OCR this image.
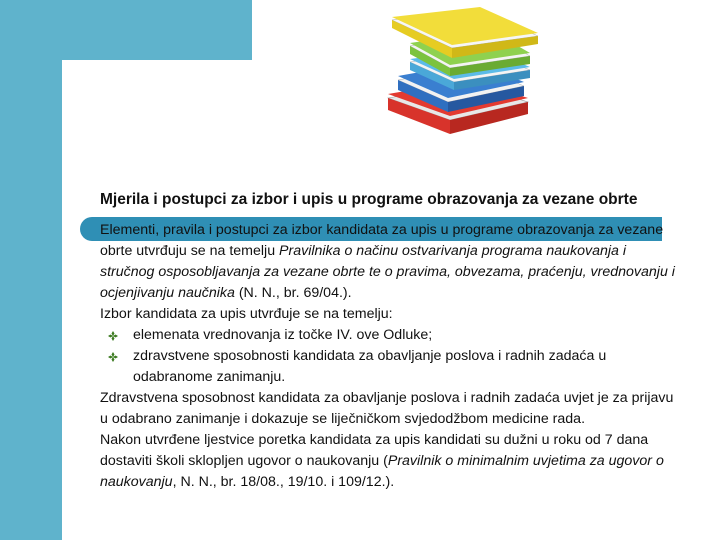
Mjerila i postupci za izbor i upis u programe obrazovanja za vezane obrte

Elementi, pravila i postupci za izbor kandidata za upis u programe obrazovanja za vezane obrte utvrđuju se na temelju Pravilnika o načinu ostvarivanja programa naukovanja i stručnog osposobljavanja za vezane obrte te o pravima, obvezama, praćenju, vrednovanju i ocjenjivanju naučnika (N. N., br. 69/04.).

Izbor kandidata za upis utvrđuje se na temelju:

elemenata vrednovanja iz točke IV. ove Odluke;

zdravstvene sposobnosti kandidata za obavljanje poslova i radnih zadaća u odabranome zanimanju.

Zdravstvena sposobnost kandidata za obavljanje poslova i radnih zadaća uvjet je za prijavu u odabrano zanimanje i dokazuje se liječničkom svjedodžbom medicine rada.

Nakon utvrđene ljestvice poretka kandidata za upis kandidati su dužni u roku od 7 dana dostaviti školi sklopljen ugovor o naukovanju (Pravilnik o minimalnim uvjetima za ugovor o naukovanju, N. N., br. 18/08., 19/10. i 109/12.).
